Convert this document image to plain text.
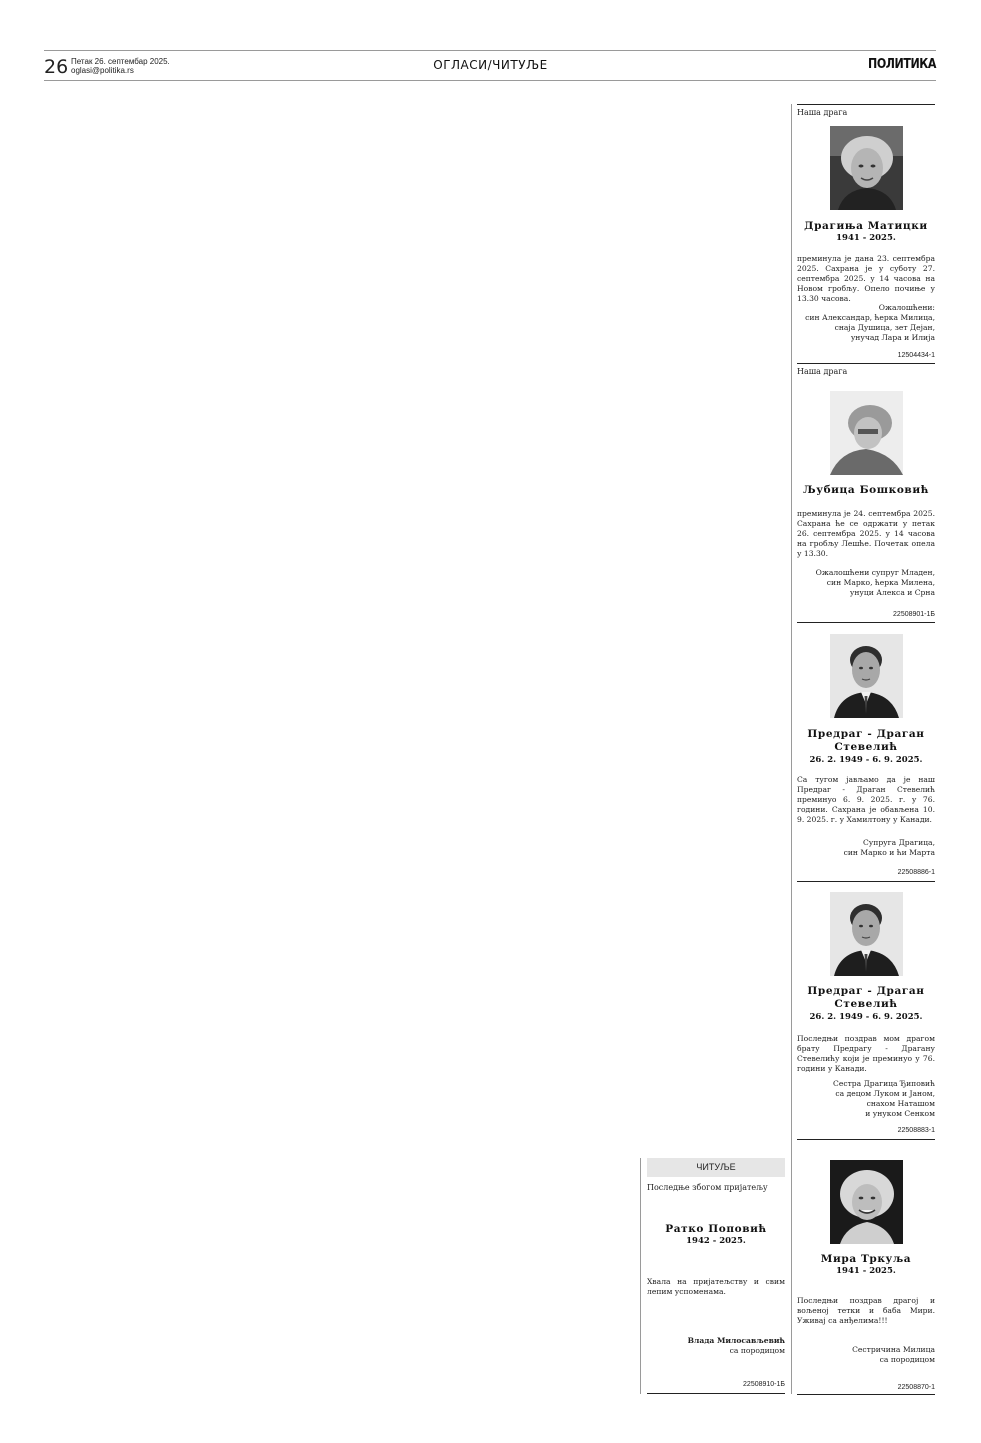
26 Петак 26. септембар 2025.
oglasi@politika.rs	ОГЛАСИ/ЧИТУЉЕ	ПОЛИТИКА
Наша драга
Драгиња Матицки
1941 - 2025.
преминула је дана 23. септембра 2025. Сахрана је у суботу 27. септембра 2025. у 14 часова на Новом гробљу. Опело почиње у 13.30 часова.
Ожалошћени:
син Александар, ћерка Милица,
снаја Душица, зет Дејан,
унучад Лара и Илија
12504434-1
Наша драга
Љубица Бошковић
преминула је 24. септембра 2025. Сахрана ће се одржати у петак 26. септембра 2025. у 14 часова на гробљу Лешће. Почетак опела у 13.30.
Ожалошћени супруг Младен,
син Марко, ћерка Милена,
унуци Алекса и Срна
22508901-1Б
Предраг - Драган
Стевелић
26. 2. 1949 - 6. 9. 2025.
Са тугом јављамо да је наш Предраг - Драган Стевелић преминуо 6. 9. 2025. г. у 76. години. Сахрана је обављена 10. 9. 2025. г. у Хамилтону у Канади.
Супруга Драгица,
син Марко и ћи Марта
22508886-1
Предраг - Драган
Стевелић
26. 2. 1949 - 6. 9. 2025.
Последњи поздрав мом драгом брату Предрагу - Драгану Стевелићу који је преминуо у 76. години у Канади.
Сестра Драгица Ђиповић
са децом Луком и Јаном,
снахом Наташом
и унуком Сенком
22508883-1
Мира Тркуља
1941 - 2025.
Последњи поздрав драгој и вољеној тетки и баба Мири. Уживај са анђелима!!!
Сестричина Милица
са породицом
22508870-1
ЧИТУЉЕ
Последње збогом пријатељу
Ратко Поповић
1942 - 2025.
Хвала на пријатељству и свим лепим успоменама.
Влада Милосављевић
са породицом
22508910-1Б
